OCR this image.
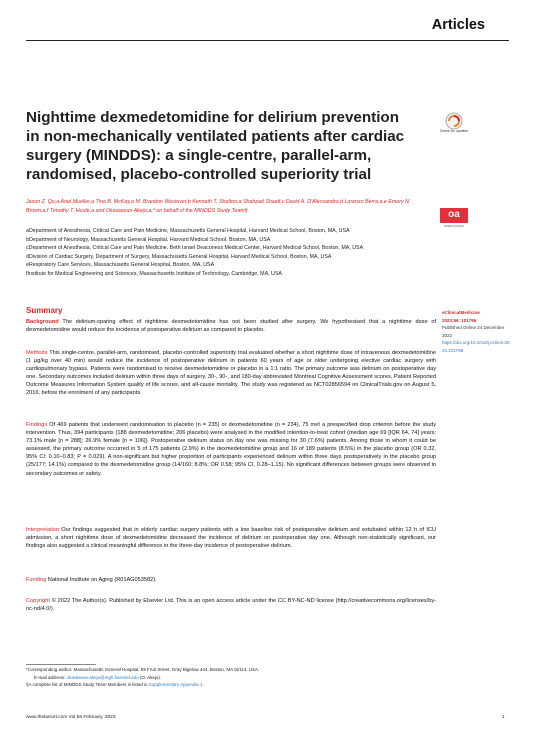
Articles
Nighttime dexmedetomidine for delirium prevention in non-mechanically ventilated patients after cardiac surgery (MINDDS): a single-centre, parallel-arm, randomised, placebo-controlled superiority trial
Check for updates
Jason Z. Qu,a Ariel Mueller,a Tina B. McKay,a M. Brandon Westover,b Kenneth T. Shelton,a Shahzad Shaefi,c David A. D'Alessandro,d Lorenzo Berra,a,e Emery N. Brown,a,f Timothy T. Houle,a and Oluwaseun Akeju,a,* on behalf of the MINDDS Study Team§	oa
OPEN ACCESS

aDepartment of Anesthesia, Critical Care and Pain Medicine, Massachusetts General Hospital, Harvard Medical School, Boston, MA, USA

bDepartment of Neurology, Massachusetts General Hospital, Harvard Medical School, Boston, MA, USA

cDepartment of Anesthesia, Critical Care and Pain Medicine, Beth Israel Deaconess Medical Center, Harvard Medical School, Boston, MA, USA

dDivision of Cardiac Surgery, Department of Surgery, Massachusetts General Hospital, Harvard Medical School, Boston, MA, USA

eRespiratory Care Services, Massachusetts General Hospital, Boston, MA, USA

fInstitute for Medical Engineering and Sciences, Massachusetts Institute of Technology, Cambridge, MA, USA

Summary
Background The delirium-sparing effect of nighttime dexmedetomidine has not been studied after surgery. We hypothesised that a nighttime dose of dexmedetomidine would reduce the incidence of postoperative delirium as compared to placebo.
Methods This single-centre, parallel-arm, randomised, placebo-controlled superiority trial evaluated whether a short nighttime dose of intravenous dexmedetomidine (1 µg/kg over 40 min) would reduce the incidence of postoperative delirium in patients 60 years of age or older undergoing elective cardiac surgery with cardiopulmonary bypass. Patients were randomised to receive dexmedetomidine or placebo in a 1:1 ratio. The primary outcome was delirium on postoperative day one. Secondary outcomes included delirium within three days of surgery, 30-, 90-, and 180-day abbreviated Montreal Cognitive Assessment scores, Patient Reported Outcome Measures Information System quality of life scores, and all-cause mortality. The study was registered as NCT02856594 on ClinicalTrials.gov on August 5, 2016, before the enrolment of any participants.
Findings Of 469 patients that underwent randomisation to placebo (n = 235) or dexmedetomidine (n = 234), 75 met a prespecified drop criterion before the study intervention. Thus, 394 participants (188 dexmedetomidine; 206 placebo) were analysed in the modified intention-to-treat cohort (median age 69 [IQR 64, 74] years; 73.1% male [n = 288]; 26.9% female [n = 106]). Postoperative delirium status on day one was missing for 30 (7.6%) patients. Among those in whom it could be assessed, the primary outcome occurred in 5 of 175 patients (2.9%) in the dexmedetomidine group and 16 of 189 patients (8.5%) in the placebo group (OR 0.32, 95% CI: 0.10–0.83; P = 0.029). A non-significant but higher proportion of participants experienced delirium within three days postoperatively in the placebo group (25/177; 14.1%) compared to the dexmedetomidine group (14/160; 8.8%; OR 0.58; 95% CI, 0.28–1.15). No significant differences between groups were observed in secondary outcomes or safety.
Interpretation Our findings suggested that in elderly cardiac surgery patients with a low baseline risk of postoperative delirium and extubated within 12 h of ICU admission, a short nighttime dose of dexmedetomidine decreased the incidence of delirium on postoperative day one. Although non-statistically significant, our findings also suggested a clinical meaningful difference in the three-day incidence of postoperative delirium.
Funding National Institute on Aging (R01AG053582).
Copyright © 2022 The Author(s). Published by Elsevier Ltd. This is an open access article under the CC BY-NC-ND license (http://creativecommons.org/licenses/by-nc-nd/4.0/).
eClinicalMedicine
2023;56: 101796
Published Online 24 December 2022
https://doi.org/10.1016/j.eclinm.2022.101796

*Corresponding author. Massachusetts General Hospital, 55 Fruit Street, Gray Bigelow 444, Boston, MA 02114, USA.

E-mail address: oluwaseun.akeju@mgh.harvard.edu (O. Akeju).

§A complete list of MINDDS Study Team Members is listed in Supplementary Appendix 1.

www.thelancet.com Vol 56 February, 2023	1
